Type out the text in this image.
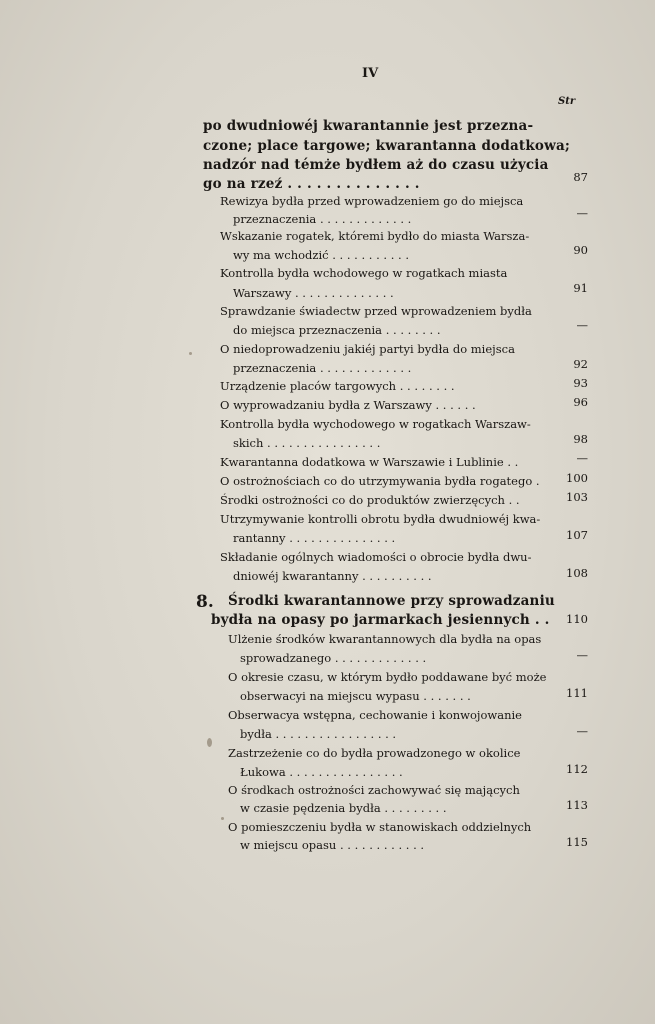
IV
Str
po dwudniowéj kwarantannie jest przezna-
czone; place targowe; kwarantanna dodatkowa;
nadzór nad témże bydłem aż do czasu użycia
go na rzeź . . . . . . . . . . . . . .	87
Rewizya bydła przed wprowadzeniem go do miejsca
przeznaczenia . . . . . . . . . . . . .	—
Wskazanie rogatek, któremi bydło do miasta Warsza-
wy ma wchodzić . . . . . . . . . . .	90
Kontrolla bydła wchodowego w rogatkach miasta
Warszawy . . . . . . . . . . . . . .	91
Sprawdzanie świadectw przed wprowadzeniem bydła
do miejsca przeznaczenia . . . . . . . .	—
O niedoprowadzeniu jakiéj partyi bydła do miejsca
przeznaczenia . . . . . . . . . . . . .	92
Urządzenie placów targowych . . . . . . . .	93
O wyprowadzaniu bydła z Warszawy . . . . . .	96
Kontrolla bydła wychodowego w rogatkach Warszaw-
skich . . . . . . . . . . . . . . . .	98
Kwarantanna dodatkowa w Warszawie i Lublinie . .	—
O ostrożnościach co do utrzymywania bydła rogatego .	100
Środki ostrożności co do produktów zwierzęcych . .	103
Utrzymywanie kontrolli obrotu bydła dwudniowéj kwa-
rantanny . . . . . . . . . . . . . . .	107
Składanie ogólnych wiadomości o obrocie bydła dwu-
dniowéj kwarantanny . . . . . . . . . .	108
8. Środki kwarantannowe przy sprowadzaniu
bydła na opasy po jarmarkach jesiennych . .	110
Ulżenie środków kwarantannowych dla bydła na opas
sprowadzanego . . . . . . . . . . . . .	—
O okresie czasu, w którym bydło poddawane być może
obserwacyi na miejscu wypasu . . . . . . .	111
Obserwacya wstępna, cechowanie i konwojowanie
bydła . . . . . . . . . . . . . . . . .	—
Zastrzeżenie co do bydła prowadzonego w okolice
Łukowa . . . . . . . . . . . . . . . .	112
O środkach ostrożności zachowywać się mających
w czasie pędzenia bydła . . . . . . . . .	113
O pomieszczeniu bydła w stanowiskach oddzielnych
w miejscu opasu . . . . . . . . . . . .	115
